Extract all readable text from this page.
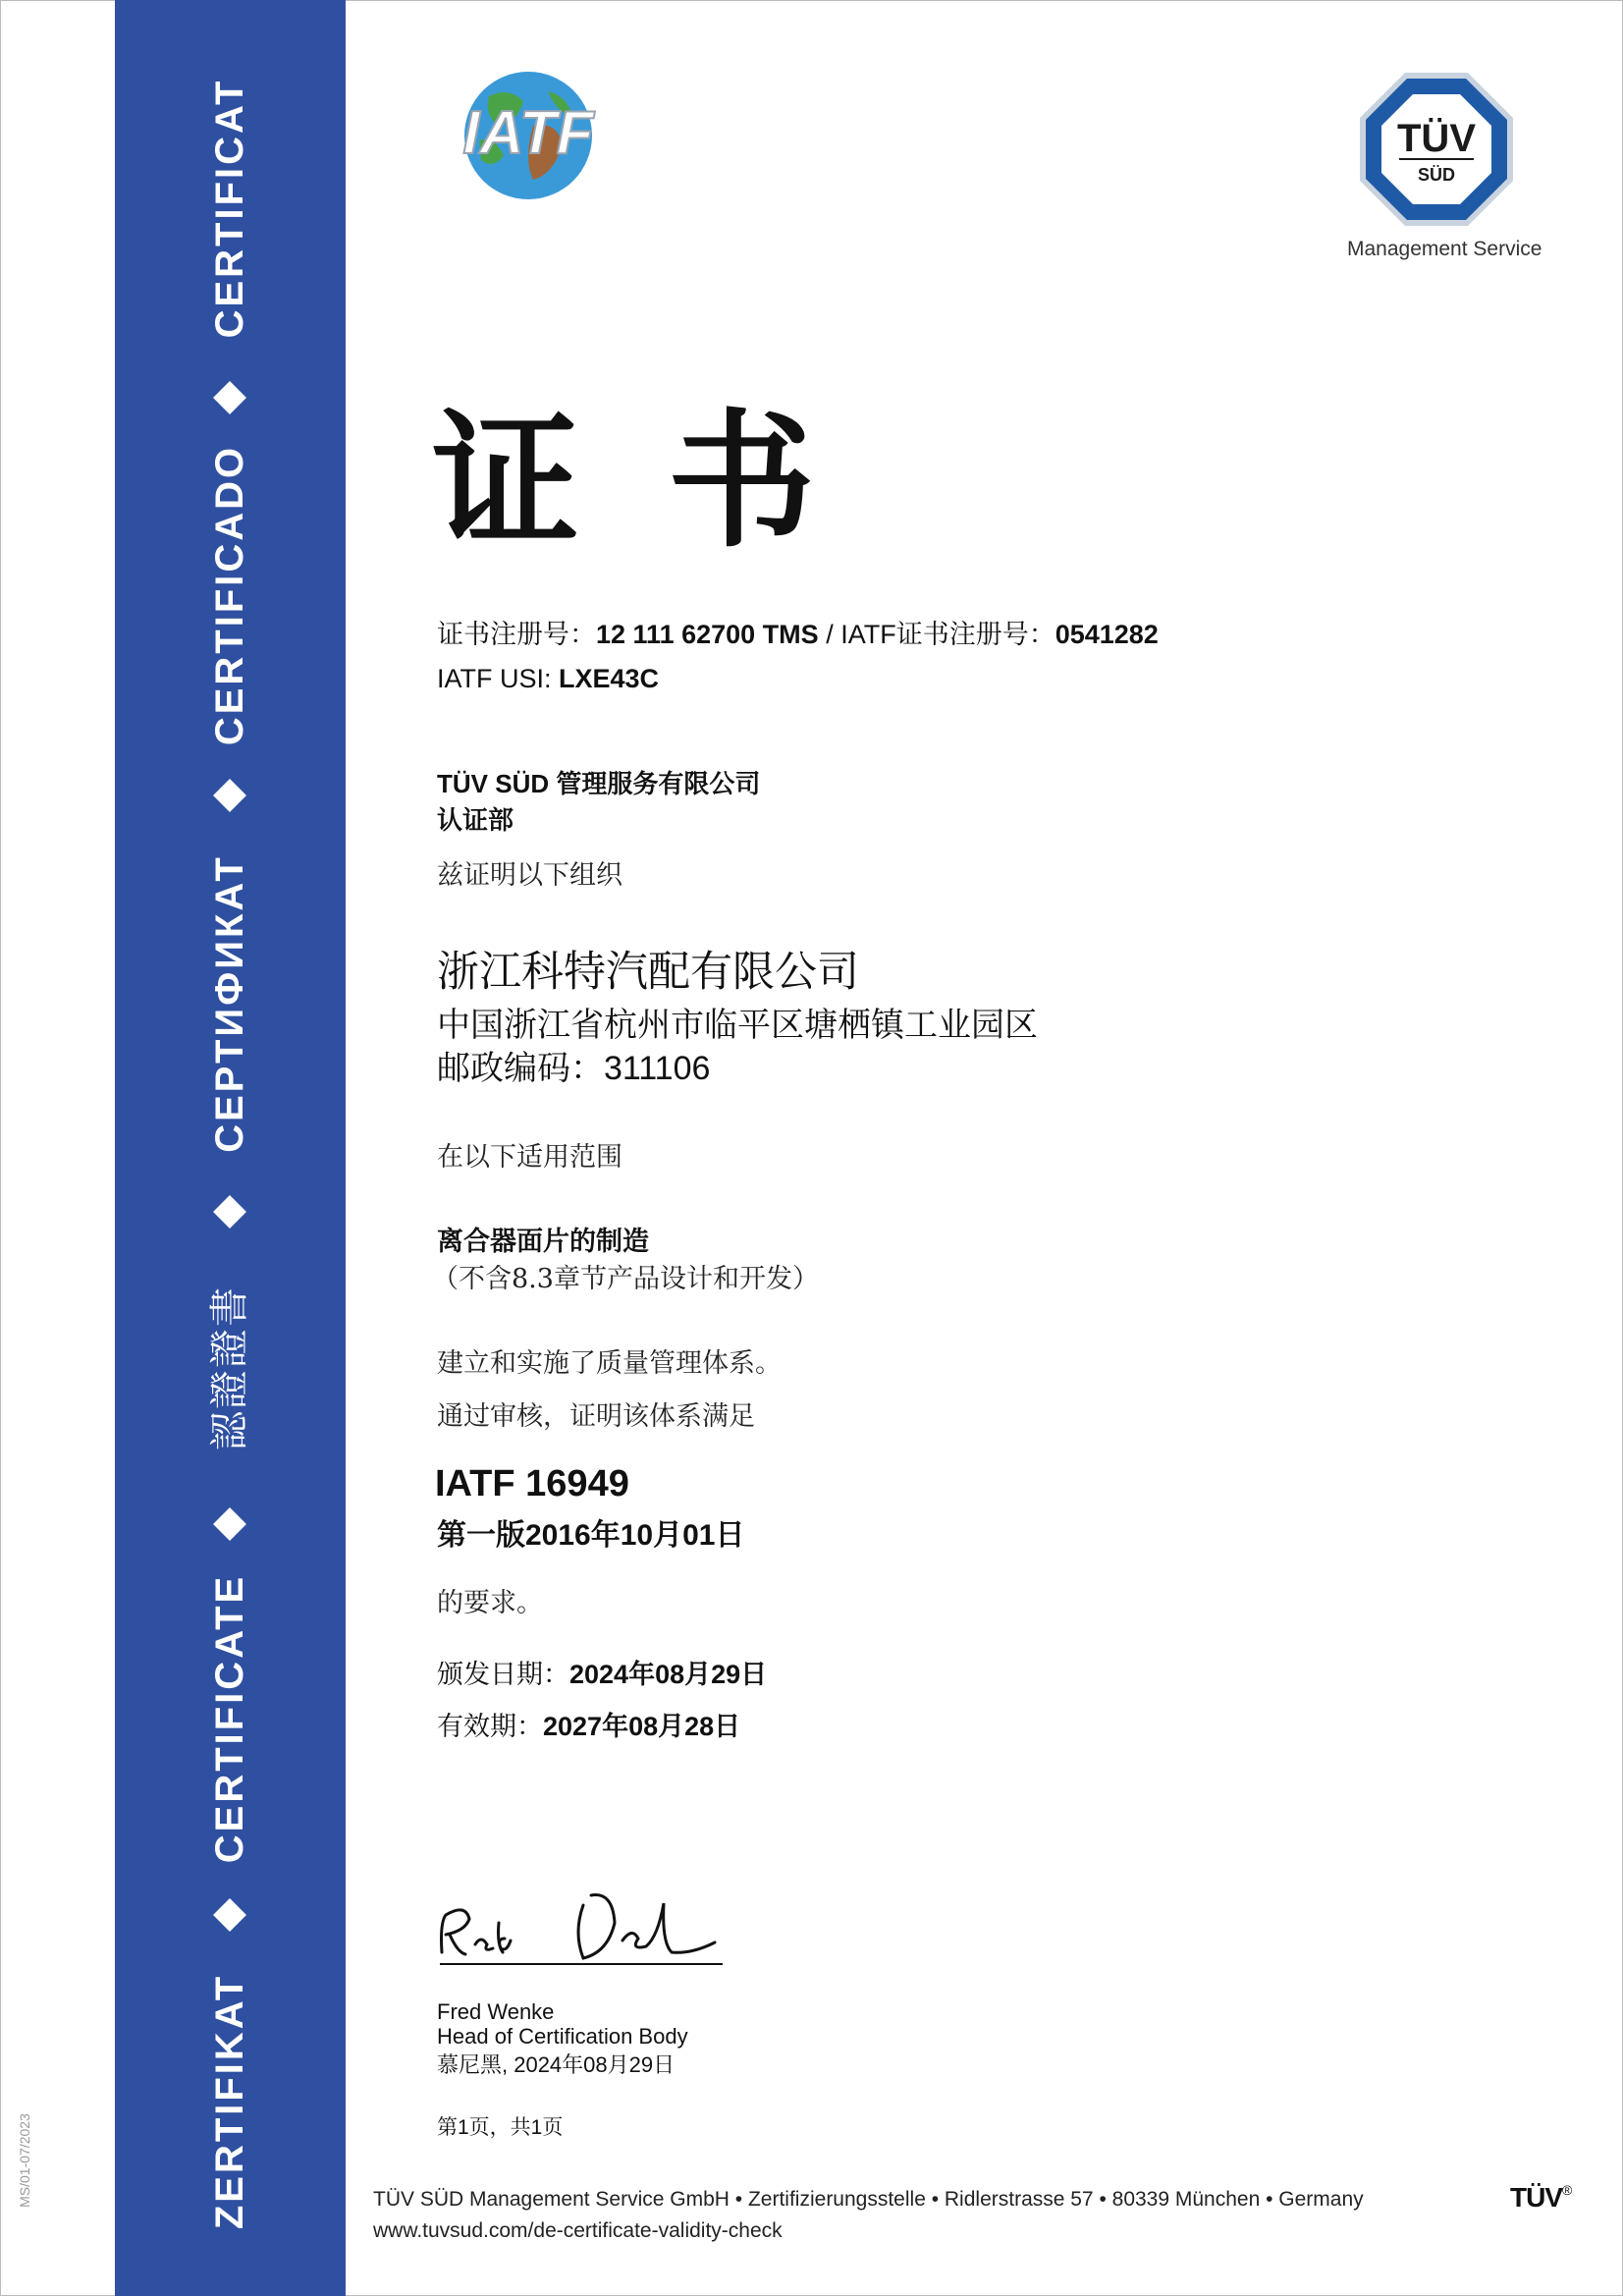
CERTIFICAT
CERTIFICADO
СЕРТИФИКАТ
認證證書
CERTIFICATE
ZERTIFIKAT
MS/01-07/2023
IATF	TÜV
SÜD
Management Service
证书
证书注册号：12 111 62700 TMS / IATF证书注册号：0541282
IATF USI: LXE43C
TÜV SÜD 管理服务有限公司
认证部
兹证明以下组织
浙江科特汽配有限公司
中国浙江省杭州市临平区塘栖镇工业园区
邮政编码：311106
在以下适用范围
离合器面片的制造
（不含8.3章节产品设计和开发）
建立和实施了质量管理体系。
通过审核，证明该体系满足
IATF 16949
第一版2016年10月01日
的要求。
颁发日期：2024年08月29日
有效期：2027年08月28日
Fred Wenke
Head of Certification Body
慕尼黑, 2024年08月29日
第1页，共1页
TÜV SÜD Management Service GmbH • Zertifizierungsstelle • Ridlerstrasse 57 • 80339 München • Germany
www.tuvsud.com/de-certificate-validity-check
TÜV®
